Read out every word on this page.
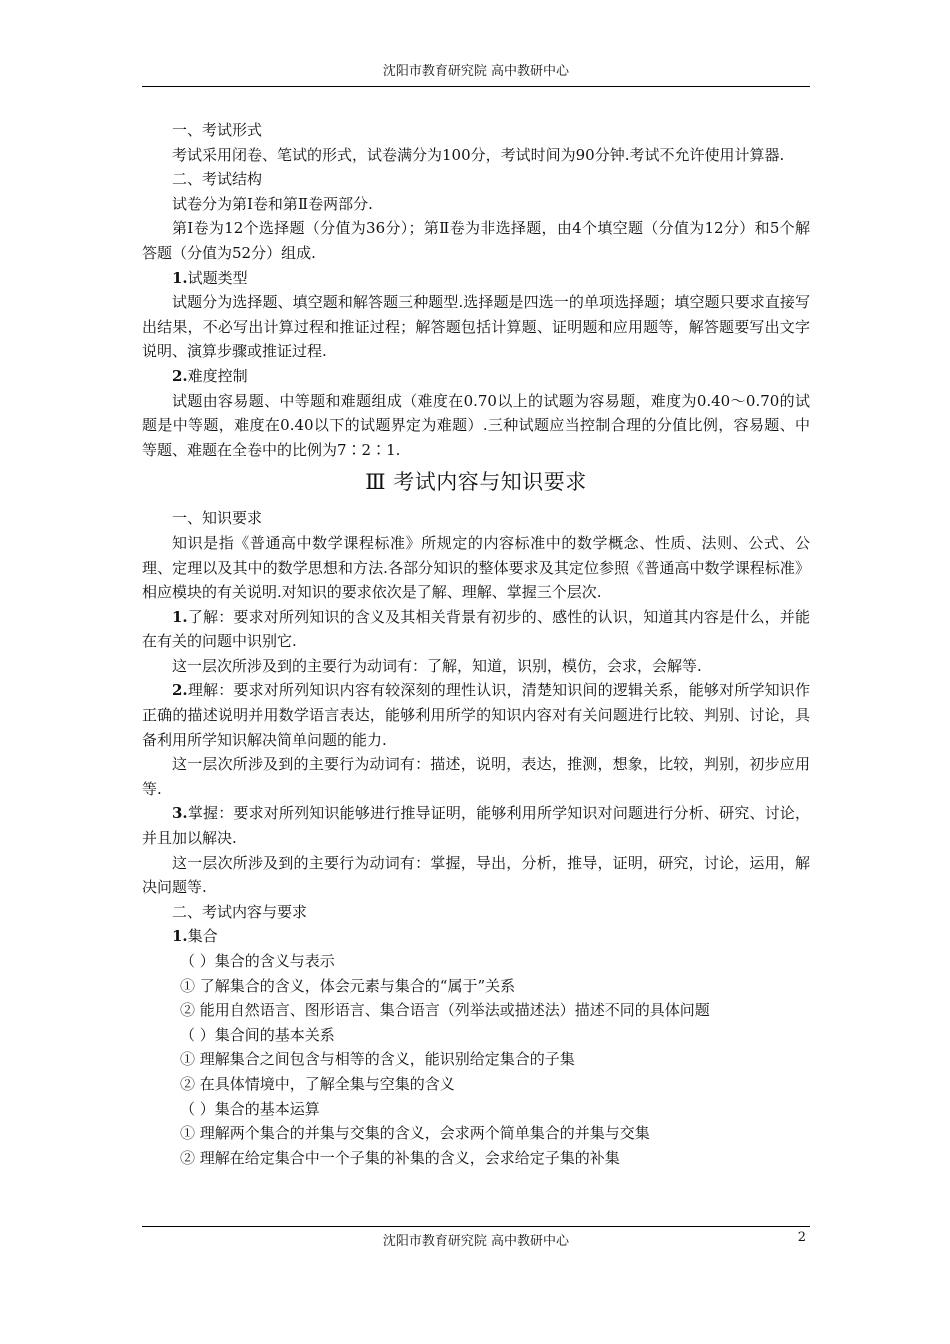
沈阳市教育研究院 高中教研中心

一、考试形式

考试采用闭卷、笔试的形式，试卷满分为100分，考试时间为90分钟.考试不允许使用计算器.

二、考试结构

试卷分为第Ⅰ卷和第Ⅱ卷两部分.

第Ⅰ卷为12个选择题（分值为36分）；第Ⅱ卷为非选择题，由4个填空题（分值为12分）和5个解答题（分值为52分）组成.

1.试题类型

试题分为选择题、填空题和解答题三种题型.选择题是四选一的单项选择题；填空题只要求直接写出结果，不必写出计算过程和推证过程；解答题包括计算题、证明题和应用题等，解答题要写出文字说明、演算步骤或推证过程.

2.难度控制

试题由容易题、中等题和难题组成（难度在0.70以上的试题为容易题，难度为0.40～0.70的试题是中等题，难度在0.40以下的试题界定为难题）.三种试题应当控制合理的分值比例，容易题、中等题、难题在全卷中的比例为7∶2∶1.

Ⅲ 考试内容与知识要求

一、知识要求

知识是指《普通高中数学课程标准》所规定的内容标准中的数学概念、性质、法则、公式、公理、定理以及其中的数学思想和方法.各部分知识的整体要求及其定位参照《普通高中数学课程标准》相应模块的有关说明.对知识的要求依次是了解、理解、掌握三个层次.

1.了解：要求对所列知识的含义及其相关背景有初步的、感性的认识，知道其内容是什么，并能在有关的问题中识别它.

这一层次所涉及到的主要行为动词有：了解，知道，识别，模仿，会求，会解等.

2.理解：要求对所列知识内容有较深刻的理性认识，清楚知识间的逻辑关系，能够对所学知识作正确的描述说明并用数学语言表达，能够利用所学的知识内容对有关问题进行比较、判别、讨论，具备利用所学知识解决简单问题的能力.

这一层次所涉及到的主要行为动词有：描述，说明，表达，推测，想象，比较，判别，初步应用等.

3.掌握：要求对所列知识能够进行推导证明，能够利用所学知识对问题进行分析、研究、讨论，并且加以解决.

这一层次所涉及到的主要行为动词有：掌握，导出，分析，推导，证明，研究，讨论，运用，解决问题等.

二、考试内容与要求

1.集合

（ ）集合的含义与表示

① 了解集合的含义，体会元素与集合的“属于”关系

② 能用自然语言、图形语言、集合语言（列举法或描述法）描述不同的具体问题

（ ）集合间的基本关系

① 理解集合之间包含与相等的含义，能识别给定集合的子集

② 在具体情境中，了解全集与空集的含义

（ ）集合的基本运算

① 理解两个集合的并集与交集的含义，会求两个简单集合的并集与交集

② 理解在给定集合中一个子集的补集的含义，会求给定子集的补集

沈阳市教育研究院 高中教研中心	2
